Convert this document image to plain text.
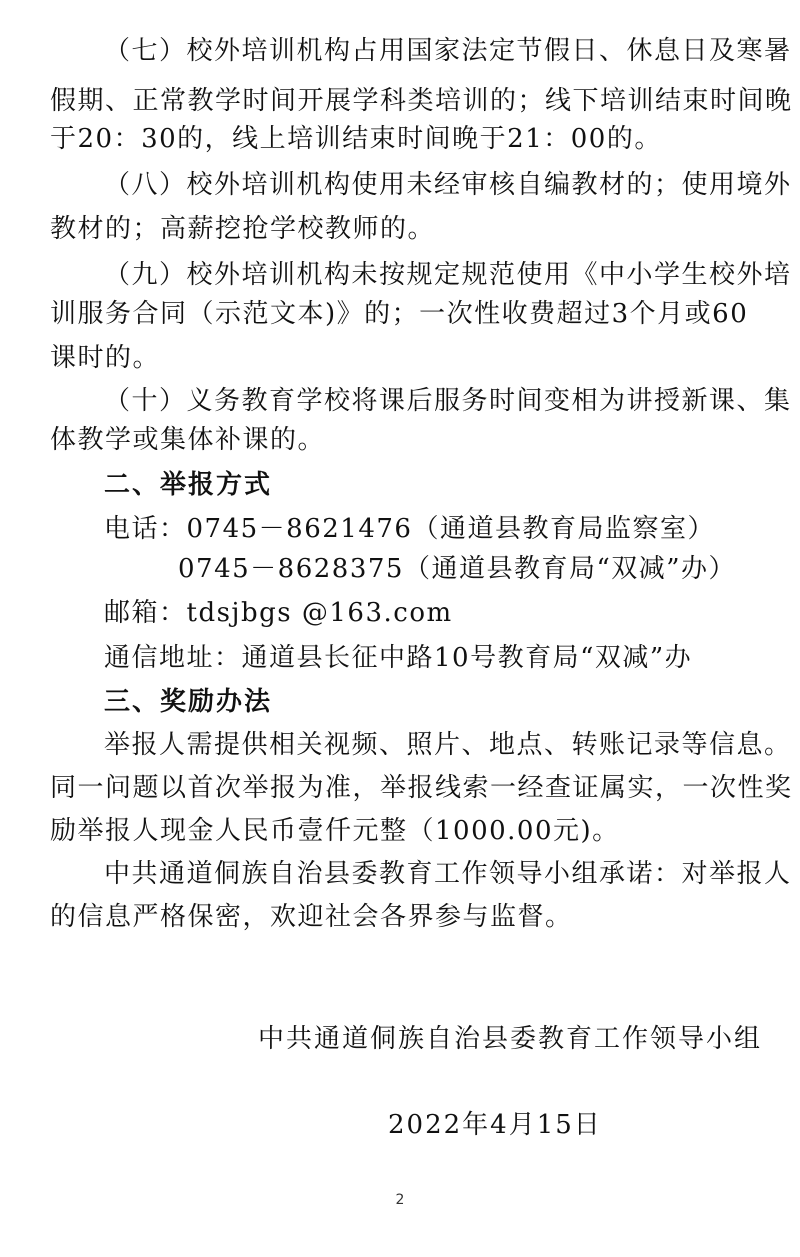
（七）校外培训机构占用国家法定节假日、休息日及寒暑
假期、正常教学时间开展学科类培训的；线下培训结束时间晚
于20：30的，线上培训结束时间晚于21：00的。
（八）校外培训机构使用未经审核自编教材的；使用境外
教材的；高薪挖抢学校教师的。
（九）校外培训机构未按规定规范使用《中小学生校外培
训服务合同（示范文本)》的；一次性收费超过3个月或60
课时的。
（十）义务教育学校将课后服务时间变相为讲授新课、集
体教学或集体补课的。
二、举报方式
电话：0745－8621476（通道县教育局监察室）
0745－8628375（通道县教育局“双减”办）
邮箱：tdsjbgs @163.com
通信地址：通道县长征中路10号教育局“双减”办
三、奖励办法
举报人需提供相关视频、照片、地点、转账记录等信息。
同一问题以首次举报为准，举报线索一经查证属实，一次性奖
励举报人现金人民币壹仟元整（1000.00元)。
中共通道侗族自治县委教育工作领导小组承诺：对举报人
的信息严格保密，欢迎社会各界参与监督。
中共通道侗族自治县委教育工作领导小组
2022年4月15日
2
